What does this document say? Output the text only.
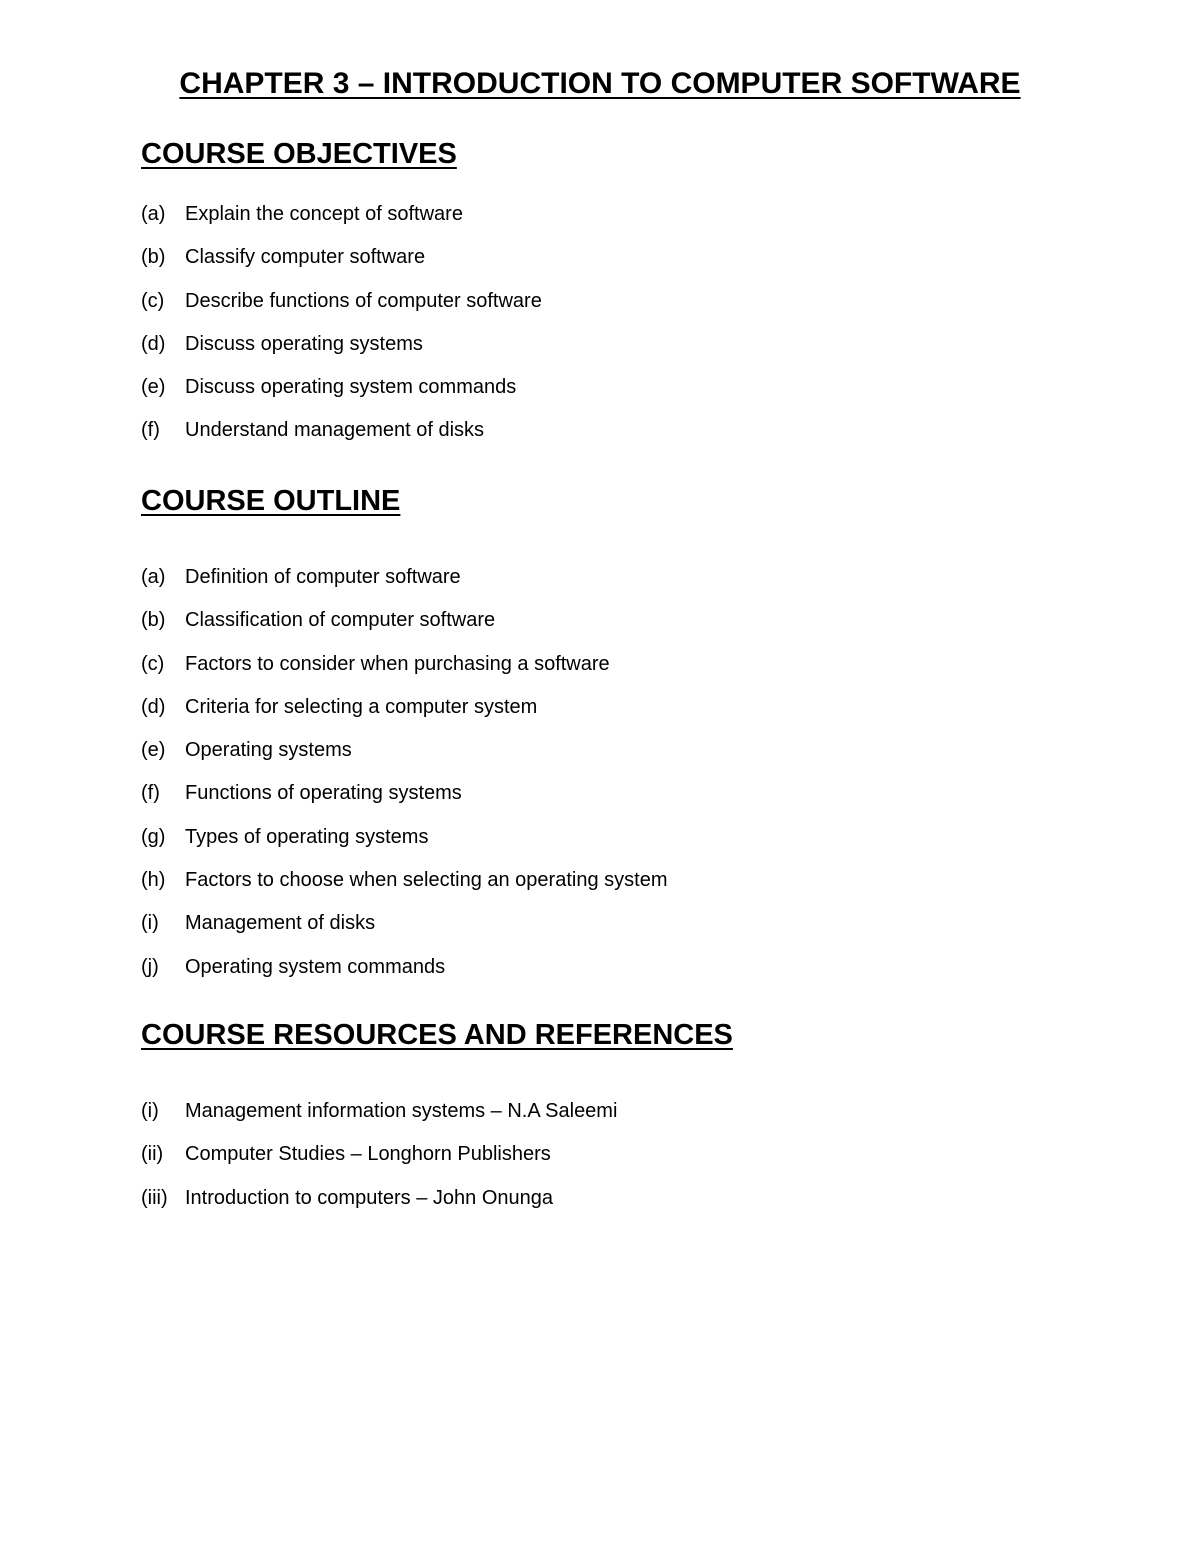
CHAPTER 3 – INTRODUCTION TO COMPUTER SOFTWARE
COURSE OBJECTIVES
(a) Explain the concept of software
(b) Classify computer software
(c)	Describe functions of computer software
(d) Discuss operating systems
(e) Discuss operating system commands
(f)	Understand management of disks
COURSE OUTLINE
(a) Definition of computer software
(b) Classification of computer software
(c)	Factors to consider when purchasing a software
(d) Criteria for selecting a computer system
(e) Operating systems
(f)	Functions of operating systems
(g) Types of operating systems
(h) Factors to choose when selecting an operating system
(i)	Management of disks
(j)	Operating system commands
COURSE RESOURCES AND REFERENCES
(i)	Management information systems – N.A Saleemi
(ii)	Computer Studies – Longhorn Publishers
(iii) Introduction to computers – John Onunga
